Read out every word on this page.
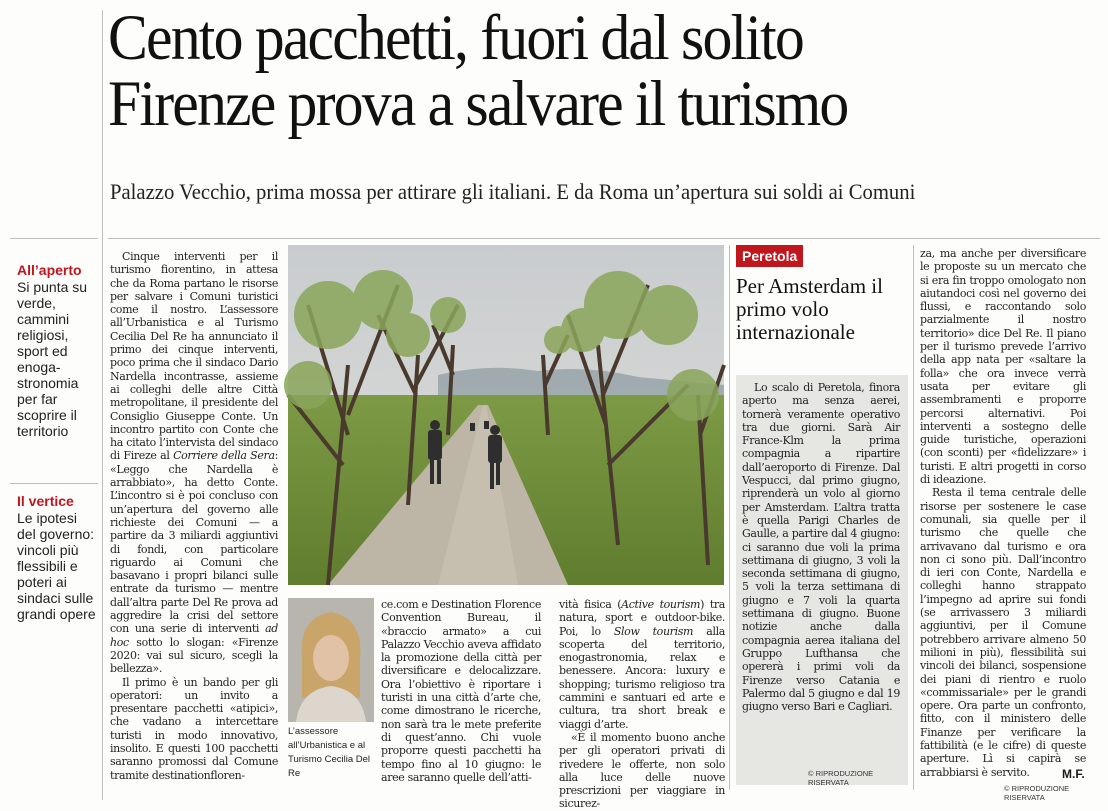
Cento pacchetti, fuori dal solito
Firenze prova a salvare il turismo
Palazzo Vecchio, prima mossa per attirare gli italiani. E da Roma un’apertura sui soldi ai Comuni
All’aperto
Si punta su verde, cammini religiosi, sport ed enoga-stronomia per far scoprire il territorio
Il vertice
Le ipotesi del governo: vincoli più flessibili e poteri ai sindaci sulle grandi opere

Cinque interventi per il turismo fiorentino, in attesa che da Roma partano le risorse per salvare i Comuni turistici come il nostro. L’assessore all’Urbanistica e al Turismo Cecilia Del Re ha annunciato il primo dei cinque interventi, poco prima che il sindaco Dario Nardella incontrasse, assieme ai colleghi delle altre Città metropolitane, il presidente del Consiglio Giuseppe Conte. Un incontro partito con Conte che ha citato l’intervista del sindaco di Fireze al Corriere della Sera: «Leggo che Nardella è arrabbiato», ha detto Conte. L’incontro si è poi concluso con un’apertura del governo alle richieste dei Comuni — a partire da 3 miliardi aggiuntivi di fondi, con particolare riguardo ai Comuni che basavano i propri bilanci sulle entrate da turismo — mentre dall’altra parte Del Re prova ad aggredire la crisi del settore con una serie di interventi ad hoc sotto lo slogan: «Firenze 2020: vai sul sicuro, scegli la bellezza».

Il primo è un bando per gli operatori: un invito a presentare pacchetti «atipici», che vadano a intercettare turisti in modo innovativo, insolito. E questi 100 pacchetti saranno promossi dal Comune tramite destinationfloren-

L’assessore all’Urbanistica e al Turismo Cecilia Del Re

ce.com e Destination Florence Convention Bureau, il «braccio armato» a cui Palazzo Vecchio aveva affidato la promozione della città per diversificare e delocalizzare. Ora l’obiettivo è riportare i turisti in una città d’arte che, come dimostrano le ricerche, non sarà tra le mete preferite di quest’anno. Chi vuole proporre questi pacchetti ha tempo fino al 10 giugno: le aree saranno quelle dell’atti-

vità fisica (Active tourism) tra natura, sport e outdoor-bike. Poi, lo Slow tourism alla scoperta del territorio, enogastronomia, relax e benessere. Ancora: luxury e shopping; turismo religioso tra cammini e santuari ed arte e cultura, tra short break e viaggi d’arte.

«È il momento buono anche per gli operatori privati di rivedere le offerte, non solo alla luce delle nuove prescrizioni per viaggiare in sicurez-

Peretola
Per Amsterdam il primo volo internazionale

Lo scalo di Peretola, finora aperto ma senza aerei, tornerà veramente operativo tra due giorni. Sarà Air France-Klm la prima compagnia a ripartire dall’aeroporto di Firenze. Dal Vespucci, dal primo giugno, riprenderà un volo al giorno per Amsterdam. L’altra tratta è quella Parigi Charles de Gaulle, a partire dal 4 giugno: ci saranno due voli la prima settimana di giugno, 3 voli la seconda settimana di giugno, 5 voli la terza settimana di giugno e 7 voli la quarta settimana di giugno. Buone notizie anche dalla compagnia aerea italiana del Gruppo Lufthansa che opererà i primi voli da Firenze verso Catania e Palermo dal 5 giugno e dal 19 giugno verso Bari e Cagliari.

© RIPRODUZIONE RISERVATA

za, ma anche per diversificare le proposte su un mercato che si era fin troppo omologato non aiutandoci così nel governo dei flussi, e raccontando solo parzialmente il nostro territorio» dice Del Re. Il piano per il turismo prevede l’arrivo della app nata per «saltare la folla» che ora invece verrà usata per evitare gli assembramenti e proporre percorsi alternativi. Poi interventi a sostegno delle guide turistiche, operazioni (con sconti) per «fidelizzare» i turisti. E altri progetti in corso di ideazione.

Resta il tema centrale delle risorse per sostenere le case comunali, sia quelle per il turismo che quelle che arrivavano dal turismo e ora non ci sono più. Dall’incontro di ieri con Conte, Nardella e colleghi hanno strappato l’impegno ad aprire sui fondi (se arrivassero 3 miliardi aggiuntivi, per il Comune potrebbero arrivare almeno 50 milioni in più), flessibilità sui vincoli dei bilanci, sospensione dei piani di rientro e ruolo «commissariale» per le grandi opere. Ora parte un confronto, fitto, con il ministero delle Finanze per verificare la fattibilità (e le cifre) di queste aperture. Lì si capirà se arrabbiarsi è servito.	M.F.
© RIPRODUZIONE RISERVATA
